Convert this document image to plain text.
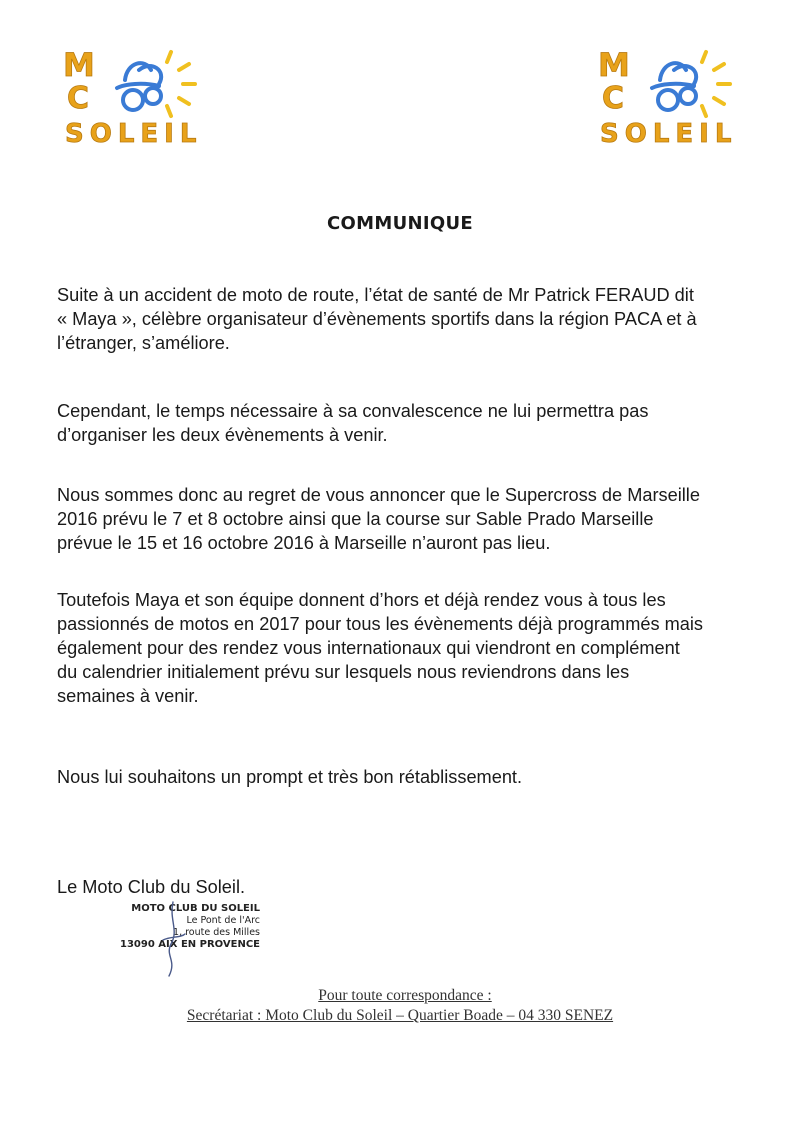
M
C
SOLEIL
M
C
SOLEIL
COMMUNIQUE

Suite à un accident de moto de route, l’état de santé de Mr Patrick FERAUD dit

« Maya », célèbre organisateur d’évènements sportifs dans la région PACA et à

l’étranger, s’améliore.

Cependant, le temps nécessaire à sa convalescence ne lui permettra pas

d’organiser les deux évènements à venir.

Nous sommes donc au regret de vous annoncer que le Supercross de Marseille

2016 prévu le 7 et 8 octobre ainsi que la course sur Sable Prado Marseille

prévue le 15 et 16 octobre 2016 à Marseille n’auront pas lieu.

Toutefois Maya et son équipe donnent d’hors et déjà rendez vous à tous les

passionnés de motos en 2017 pour tous les évènements déjà programmés mais

également pour des rendez vous internationaux qui viendront en complément

du calendrier initialement prévu sur lesquels nous reviendrons dans les

semaines à venir.

Nous lui souhaitons un prompt et très bon rétablissement.

Le Moto Club du Soleil.
MOTO CLUB DU SOLEIL
Le Pont de l'Arc
1, route des Milles
13090 AIX EN PROVENCE
Pour toute correspondance :
Secrétariat : Moto Club du Soleil – Quartier Boade – 04 330 SENEZ
